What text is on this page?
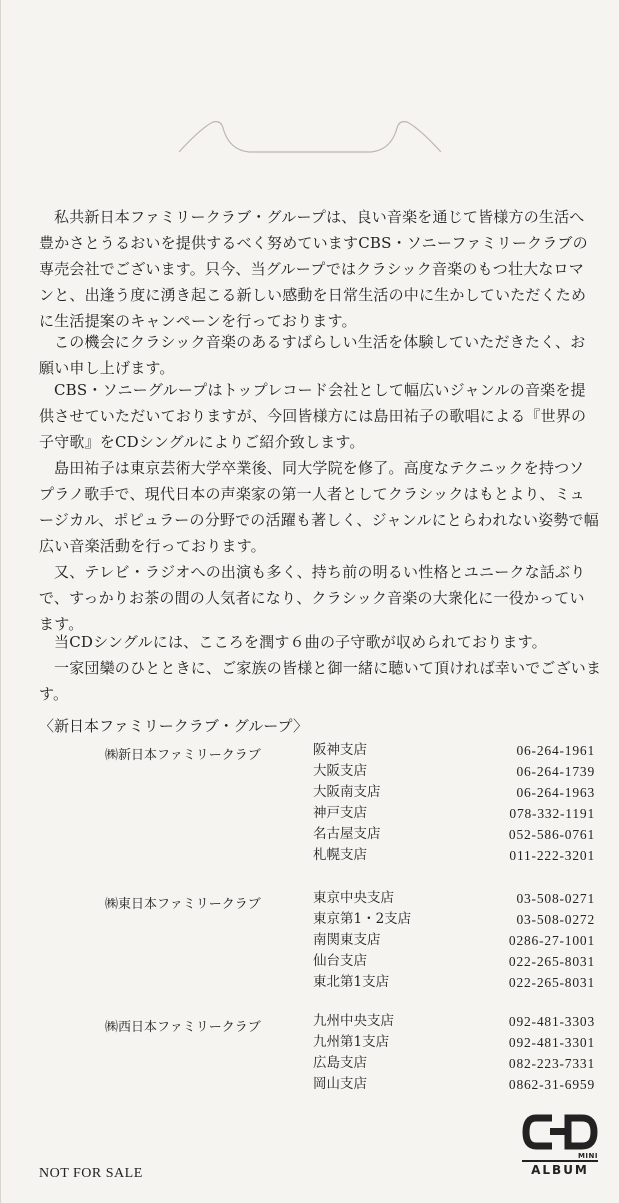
私共新日本ファミリークラブ・グループは、良い音楽を通じて皆様方の生活へ豊かさとうるおいを提供するべく努めていますCBS・ソニーファミリークラブの専売会社でございます。只今、当グループではクラシック音楽のもつ壮大なロマンと、出逢う度に湧き起こる新しい感動を日常生活の中に生かしていただくために生活提案のキャンペーンを行っております。

この機会にクラシック音楽のあるすばらしい生活を体験していただきたく、お願い申し上げます。

CBS・ソニーグループはトップレコード会社として幅広いジャンルの音楽を提供させていただいておりますが、今回皆様方には島田祐子の歌唱による『世界の子守歌』をCDシングルによりご紹介致します。

島田祐子は東京芸術大学卒業後、同大学院を修了。高度なテクニックを持つソプラノ歌手で、現代日本の声楽家の第一人者としてクラシックはもとより、ミュージカル、ポピュラーの分野での活躍も著しく、ジャンルにとらわれない姿勢で幅広い音楽活動を行っております。

又、テレビ・ラジオへの出演も多く、持ち前の明るい性格とユニークな話ぶりで、すっかりお茶の間の人気者になり、クラシック音楽の大衆化に一役かっています。

当CDシングルには、こころを潤す６曲の子守歌が収められております。

一家団欒のひとときに、ご家族の皆様と御一緒に聴いて頂ければ幸いでございます。

〈新日本ファミリークラブ・グループ〉

㈱新日本ファミリークラブ	阪神支店	06-264-1961
大阪支店	06-264-1739
大阪南支店	06-264-1963
神戸支店	078-332-1191
名古屋支店	052-586-0761
札幌支店	011-222-3201
㈱東日本ファミリークラブ	東京中央支店	03-508-0271
東京第1・2支店	03-508-0272
南関東支店	0286-27-1001
仙台支店	022-265-8031
東北第1支店	022-265-8031
㈱西日本ファミリークラブ	九州中央支店	092-481-3303
九州第1支店	092-481-3301
広島支店	082-223-7331
岡山支店	0862-31-6959
MINI
ALBUM
NOT FOR SALE
